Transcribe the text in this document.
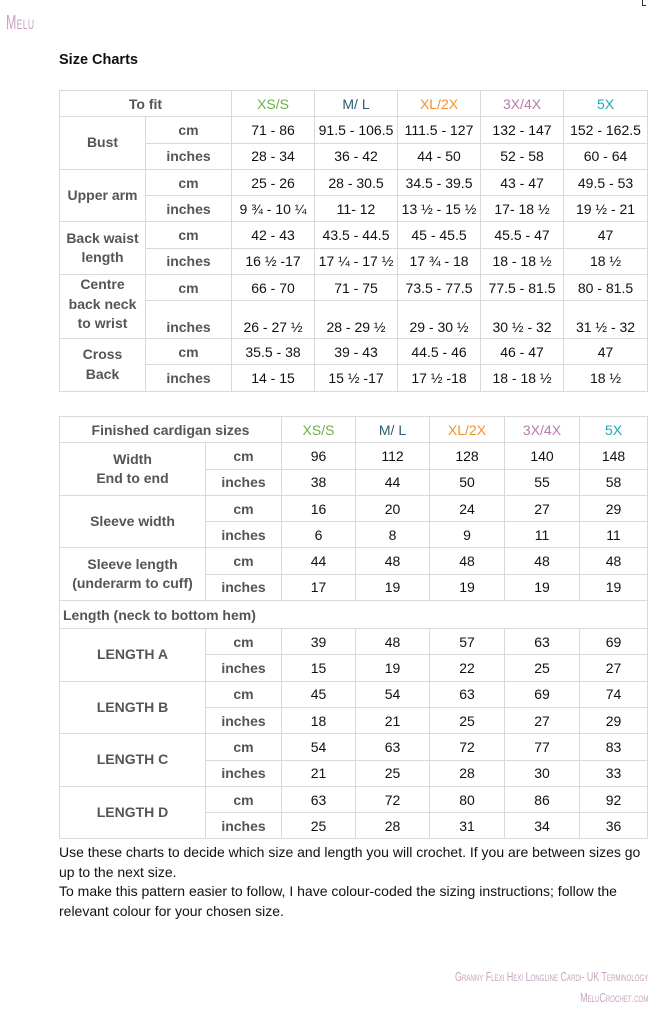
Melu
Size Charts
To fit		XS/S	M/ L	XL/2X	3X/4X	5X
Bust	cm	71 - 86	91.5 - 106.5	111.5 - 127	132 - 147	152 - 162.5
	inches	28 - 34	36 - 42	44 - 50	52 - 58	60 - 64
Upper arm	cm	25 - 26	28 - 30.5	34.5 - 39.5	43 - 47	49.5 - 53
	inches	9 ¾ - 10 ¼	11- 12	13 ½ - 15 ½	17- 18 ½	19 ½ - 21
Back waist
length	cm	42 - 43	43.5 - 44.5	45 - 45.5	45.5 - 47	47
	inches	16 ½ -17	17 ¼ - 17 ½	17 ¾ - 18	18 - 18 ½	18 ½
Centre
back neck
to wrist	cm	66 - 70	71 - 75	73.5 - 77.5	77.5 - 81.5	80 - 81.5
	inches	26 - 27 ½	28 - 29 ½	29 - 30 ½	30 ½ - 32	31 ½ - 32
Cross
Back	cm	35.5 - 38	39 - 43	44.5 - 46	46 - 47	47
	inches	14 - 15	15 ½ -17	17 ½ -18	18 - 18 ½	18 ½
Finished cardigan sizes		XS/S	M/ L	XL/2X	3X/4X	5X
Width
End to end	cm	96	112	128	140	148
	inches	38	44	50	55	58
Sleeve width	cm	16	20	24	27	29
	inches	6	8	9	11	11
Sleeve length
(underarm to cuff)	cm	44	48	48	48	48
	inches	17	19	19	19	19
Length (neck to bottom hem)						
LENGTH A	cm	39	48	57	63	69
	inches	15	19	22	25	27
LENGTH B	cm	45	54	63	69	74
	inches	18	21	25	27	29
LENGTH C	cm	54	63	72	77	83
	inches	21	25	28	30	33
LENGTH D	cm	63	72	80	86	92
	inches	25	28	31	34	36
Use these charts to decide which size and length you will crochet. If you are between sizes go up to the next size.
To make this pattern easier to follow, I have colour-coded the sizing instructions; follow the relevant colour for your chosen size.
Granny Flexi Hexi Longline Cardi- UK Terminology
MeluCrochet.com
